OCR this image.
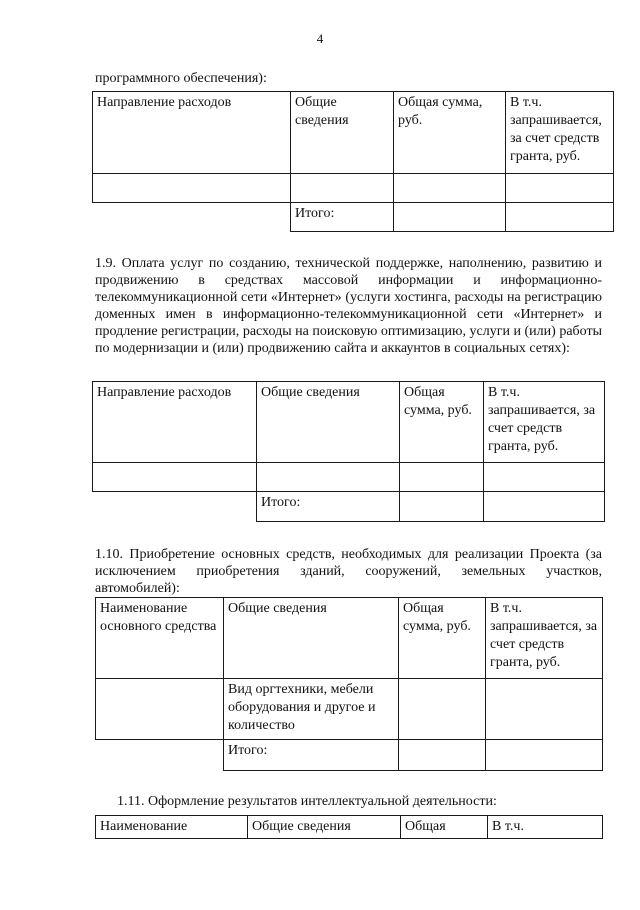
4

программного обеспечения):

Направление расходов	Общие сведения	Общая сумма, руб.	В т.ч. запрашивается, за счет средств гранта, руб.

	Итого:		

1.9. Оплата услуг по созданию, технической поддержке, наполнению, развитию и продвижению в средствах массовой информации и информационно-телекоммуникационной сети «Интернет» (услуги хостинга, расходы на регистрацию доменных имен в информационно-телекоммуникационной сети «Интернет» и продление регистрации, расходы на поисковую оптимизацию, услуги и (или) работы по модернизации и (или) продвижению сайта и аккаунтов в социальных сетях):

Направление расходов	Общие сведения	Общая сумма, руб.	В т.ч. запрашивается, за счет средств гранта, руб.

	Итого:		

1.10. Приобретение основных средств, необходимых для реализации Проекта (за исключением приобретения зданий, сооружений, земельных участков, автомобилей):

Наименование основного средства	Общие сведения	Общая сумма, руб.	В т.ч. запрашивается, за счет средств гранта, руб.
	Вид оргтехники, мебели оборудования и другое и количество		
	Итого:		

1.11. Оформление результатов интеллектуальной деятельности:

Наименование	Общие сведения	Общая	В т.ч.
